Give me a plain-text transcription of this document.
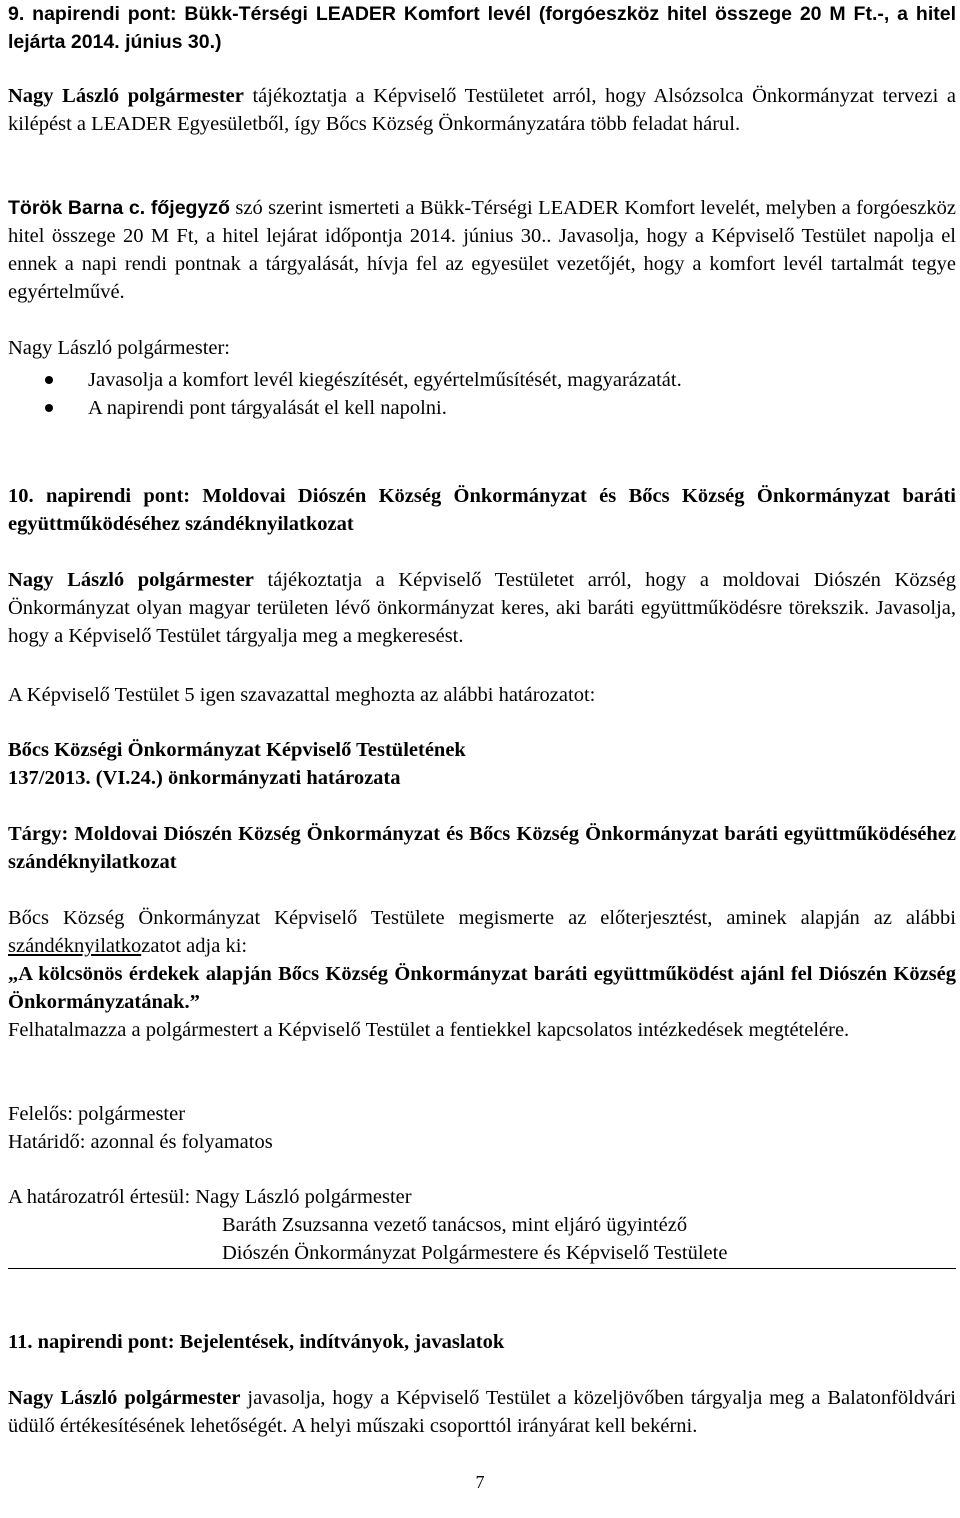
9. napirendi pont: Bükk-Térségi LEADER Komfort levél (forgóeszköz hitel összege 20 M Ft.-, a hitel lejárta 2014. június 30.)
Nagy László polgármester tájékoztatja a Képviselő Testületet arról, hogy Alsózsolca Önkormányzat tervezi a kilépést a LEADER Egyesületből, így Bőcs Község Önkormányzatára több feladat hárul.
Török Barna c. főjegyző szó szerint ismerteti a Bükk-Térségi LEADER Komfort levelét, melyben a forgóeszköz hitel összege 20 M Ft, a hitel lejárat időpontja 2014. június 30.. Javasolja, hogy a Képviselő Testület napolja el ennek a napi rendi pontnak a tárgyalását, hívja fel az egyesület vezetőjét, hogy a komfort levél tartalmát tegye egyértelművé.
Nagy László polgármester:
Javasolja a komfort levél kiegészítését, egyértelműsítését, magyarázatát.
A napirendi pont tárgyalását el kell napolni.
10. napirendi pont: Moldovai Diószén Község Önkormányzat és Bőcs Község Önkormányzat baráti együttműködéséhez szándéknyilatkozat
Nagy László polgármester tájékoztatja a Képviselő Testületet arról, hogy a moldovai Diószén Község Önkormányzat olyan magyar területen lévő önkormányzat keres, aki baráti együttműködésre törekszik. Javasolja, hogy a Képviselő Testület tárgyalja meg a megkeresést.
A Képviselő Testület 5 igen szavazattal meghozta az alábbi határozatot:
Bőcs Községi Önkormányzat Képviselő Testületének
137/2013. (VI.24.) önkormányzati határozata
Tárgy: Moldovai Diószén Község Önkormányzat és Bőcs Község Önkormányzat baráti együttműködéséhez szándéknyilatkozat
Bőcs Község Önkormányzat Képviselő Testülete megismerte az előterjesztést, aminek alapján az alábbi szándéknyilatkozatot adja ki:
„A kölcsönös érdekek alapján Bőcs Község Önkormányzat baráti együttműködést ajánl fel Diószén Község Önkormányzatának.”
Felhatalmazza a polgármestert a Képviselő Testület a fentiekkel kapcsolatos intézkedések megtételére.
Felelős: polgármester
Határidő: azonnal és folyamatos
A határozatról értesül: Nagy László polgármester
Baráth Zsuzsanna vezető tanácsos, mint eljáró ügyintéző
Diószén Önkormányzat Polgármestere és Képviselő Testülete
11. napirendi pont: Bejelentések, indítványok, javaslatok
Nagy László polgármester javasolja, hogy a Képviselő Testület a közeljövőben tárgyalja meg a Balatonföldvári üdülő értékesítésének lehetőségét. A helyi műszaki csoporttól irányárat kell bekérni.
7
